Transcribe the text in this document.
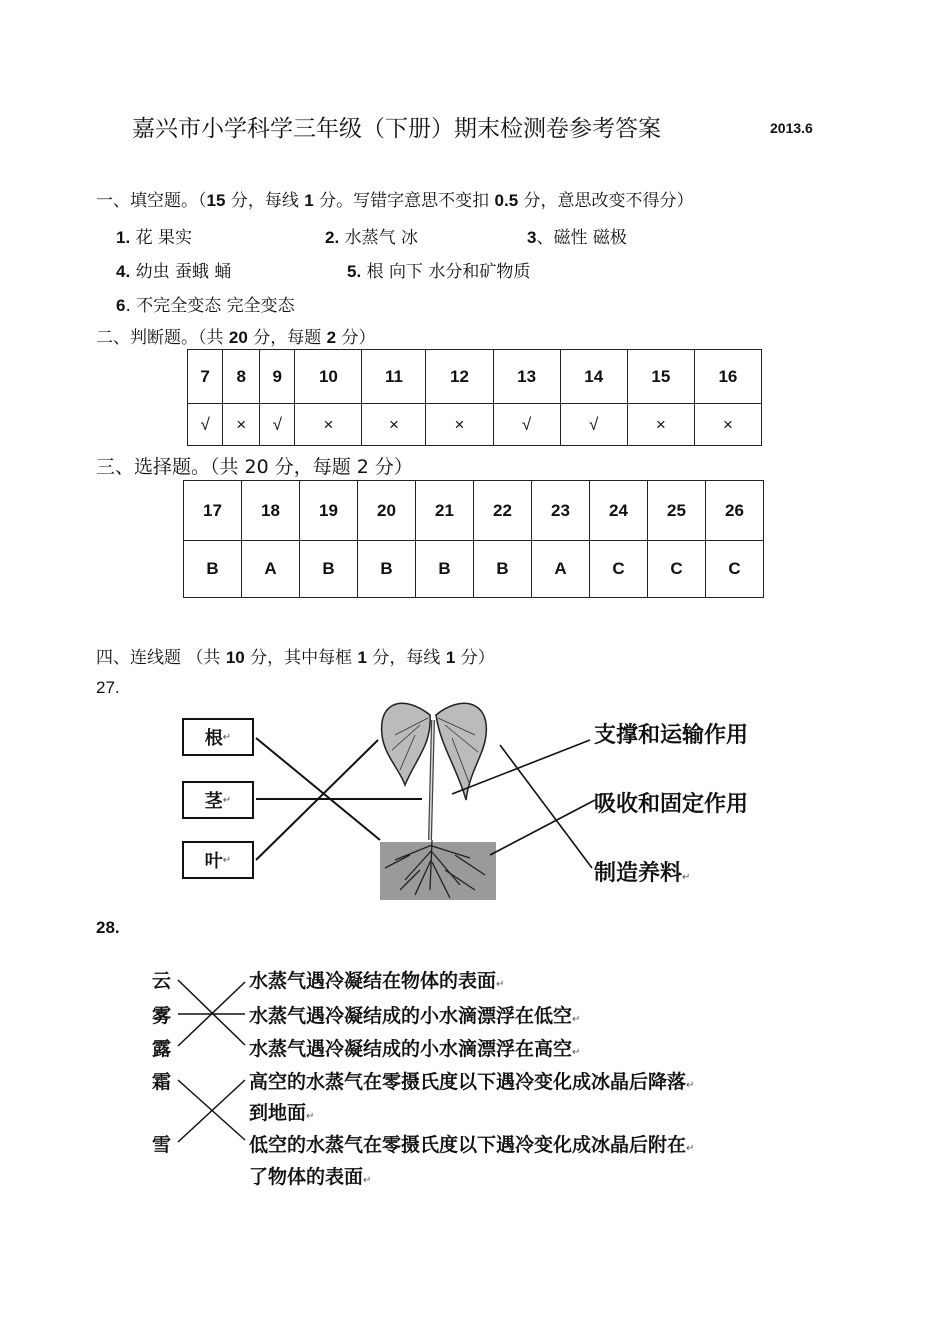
嘉兴市小学科学三年级（下册）期末检测卷参考答案	2013.6
一、填空题。（15 分，每线 1 分。写错字意思不变扣 0.5 分，意思改变不得分）
1. 花 果实	2. 水蒸气 冰	3、磁性 磁极
4. 幼虫 蚕蛾 蛹	5. 根 向下 水分和矿物质
6. 不完全变态 完全变态
二、判断题。（共 20 分，每题 2 分）
7	8	9	10	11	12	13	14	15	16
√	×	√	×	×	×	√	√	×	×
三、选择题。（共 20 分，每题 2 分）
17	18	19	20	21	22	23	24	25	26
B	A	B	B	B	B	A	C	C	C
四、连线题 （共 10 分，其中每框 1 分，每线 1 分）
27.
根 ↵
茎 ↵
叶 ↵
支撑和运输作用
吸收和固定作用
制造养料↵
28.
云
雾
露
霜
雪
水蒸气遇冷凝结在物体的表面↵
水蒸气遇冷凝结成的小水滴漂浮在低空↵
水蒸气遇冷凝结成的小水滴漂浮在高空↵
高空的水蒸气在零摄氏度以下遇冷变化成冰晶后降落↵
到地面↵
低空的水蒸气在零摄氏度以下遇冷变化成冰晶后附在↵
了物体的表面↵
